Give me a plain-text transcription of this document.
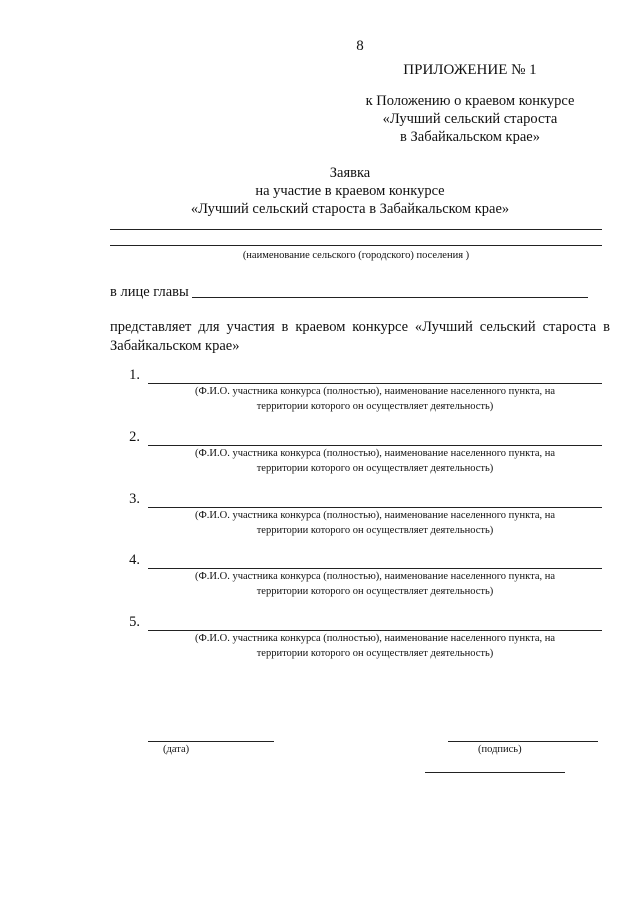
8
ПРИЛОЖЕНИЕ № 1
к Положению о краевом конкурсе
«Лучший сельский староста
в Забайкальском крае»
Заявка
на участие в краевом конкурсе
«Лучший сельский староста в Забайкальском крае»
(наименование сельского (городского) поселения )
в лице главы
представляет для участия в краевом конкурсе «Лучший сельский староста в Забайкальском крае»
1.
(Ф.И.О. участника конкурса (полностью), наименование населенного пункта, на
территории которого он осуществляет деятельность)
2.
(Ф.И.О. участника конкурса (полностью), наименование населенного пункта, на
территории которого он осуществляет деятельность)
3.
(Ф.И.О. участника конкурса (полностью), наименование населенного пункта, на
территории которого он осуществляет деятельность)
4.
(Ф.И.О. участника конкурса (полностью), наименование населенного пункта, на
территории которого он осуществляет деятельность)
5.
(Ф.И.О. участника конкурса (полностью), наименование населенного пункта, на
территории которого он осуществляет деятельность)
(дата)	(подпись)
